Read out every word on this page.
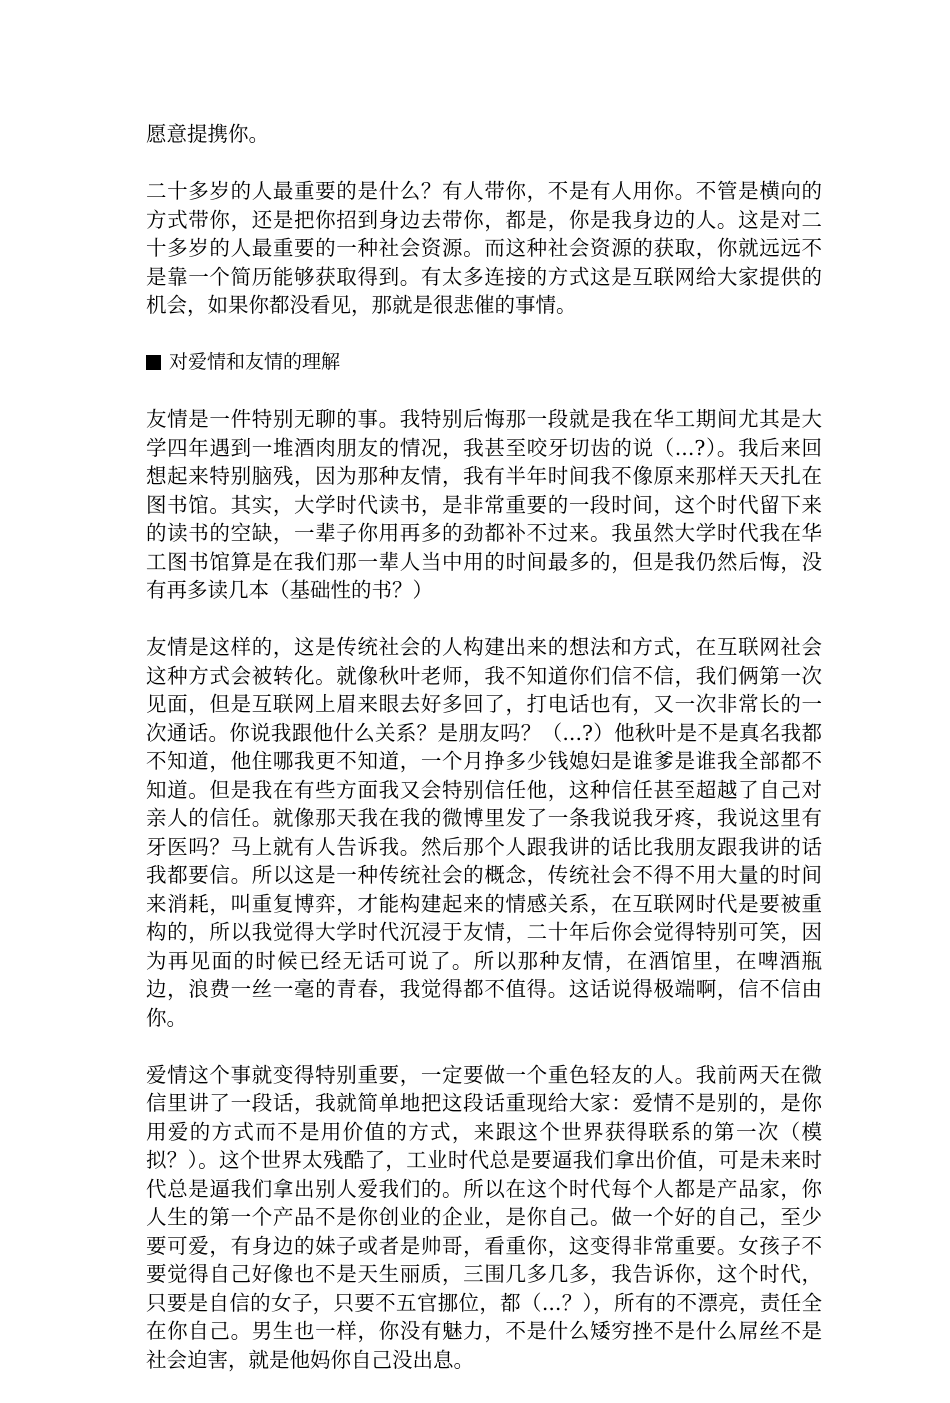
愿意提携你。

二十多岁的人最重要的是什么？有人带你，不是有人用你。不管是横向的方式带你，还是把你招到身边去带你，都是，你是我身边的人。这是对二十多岁的人最重要的一种社会资源。而这种社会资源的获取，你就远远不是靠一个简历能够获取得到。有太多连接的方式这是互联网给大家提供的机会，如果你都没看见，那就是很悲催的事情。

对爱情和友情的理解

友情是一件特别无聊的事。我特别后悔那一段就是我在华工期间尤其是大学四年遇到一堆酒肉朋友的情况，我甚至咬牙切齿的说（...?）。我后来回想起来特别脑残，因为那种友情，我有半年时间我不像原来那样天天扎在图书馆。其实，大学时代读书，是非常重要的一段时间，这个时代留下来的读书的空缺，一辈子你用再多的劲都补不过来。我虽然大学时代我在华工图书馆算是在我们那一辈人当中用的时间最多的，但是我仍然后悔，没有再多读几本（基础性的书？）

友情是这样的，这是传统社会的人构建出来的想法和方式，在互联网社会这种方式会被转化。就像秋叶老师，我不知道你们信不信，我们俩第一次见面，但是互联网上眉来眼去好多回了，打电话也有，又一次非常长的一次通话。你说我跟他什么关系？是朋友吗？（...?）他秋叶是不是真名我都不知道，他住哪我更不知道，一个月挣多少钱媳妇是谁爹是谁我全部都不知道。但是我在有些方面我又会特别信任他，这种信任甚至超越了自己对亲人的信任。就像那天我在我的微博里发了一条我说我牙疼，我说这里有牙医吗？马上就有人告诉我。然后那个人跟我讲的话比我朋友跟我讲的话我都要信。所以这是一种传统社会的概念，传统社会不得不用大量的时间来消耗，叫重复博弈，才能构建起来的情感关系，在互联网时代是要被重构的，所以我觉得大学时代沉浸于友情，二十年后你会觉得特别可笑，因为再见面的时候已经无话可说了。所以那种友情，在酒馆里，在啤酒瓶边，浪费一丝一毫的青春，我觉得都不值得。这话说得极端啊，信不信由你。

爱情这个事就变得特别重要，一定要做一个重色轻友的人。我前两天在微信里讲了一段话，我就简单地把这段话重现给大家：爱情不是别的，是你用爱的方式而不是用价值的方式，来跟这个世界获得联系的第一次（模拟？）。这个世界太残酷了，工业时代总是要逼我们拿出价值，可是未来时代总是逼我们拿出别人爱我们的。所以在这个时代每个人都是产品家，你人生的第一个产品不是你创业的企业，是你自己。做一个好的自己，至少要可爱，有身边的妹子或者是帅哥，看重你，这变得非常重要。女孩子不要觉得自己好像也不是天生丽质，三围几多几多，我告诉你，这个时代，只要是自信的女子，只要不五官挪位，都（...？），所有的不漂亮，责任全在你自己。男生也一样，你没有魅力，不是什么矮穷挫不是什么屌丝不是社会迫害，就是他妈你自己没出息。
